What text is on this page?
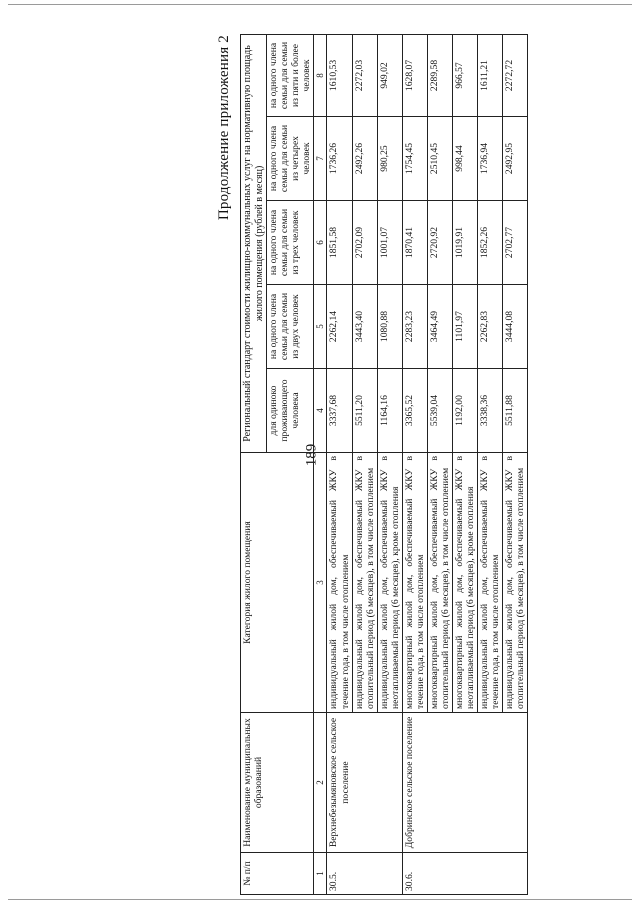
189
Продолжение приложения 2
№ п/п	Наименование муниципальных образований	Категория жилого помещения	Региональный стандарт стоимости жилищно-коммунальных услуг на нормативную площадь жилого помещения (рублей в месяц)				
			для одиноко проживающего человека	на одного члена семьи для семьи из двух человек	на одного члена семьи для семьи из трех человек	на одного члена семьи для семьи из четырех человек	на одного члена семьи для семьи из пяти и более человек
1	2	3	4	5	6	7	8
30.5.	Верхнебезымяновское сельское поселение	индивидуальный жилой дом, обеспечиваемый ЖКУ в течение года, в том числе отоплением	3337,68	2262,14	1851,58	1736,26	1610,53
		индивидуальный жилой дом, обеспечиваемый ЖКУ в отопительный период (6 месяцев), в том числе отоплением	5511,20	3443,40	2702,09	2492,26	2272,03
		индивидуальный жилой дом, обеспечиваемый ЖКУ в неотапливаемый период (6 месяцев), кроме отопления	1164,16	1080,88	1001,07	980,25	949,02
30.6.	Добринское сельское поселение	многоквартирный жилой дом, обеспечиваемый ЖКУ в течение года, в том числе отоплением	3365,52	2283,23	1870,41	1754,45	1628,07
		многоквартирный жилой дом, обеспечиваемый ЖКУ в отопительный период (6 месяцев), в том числе отоплением	5539,04	3464,49	2720,92	2510,45	2289,58
		многоквартирный жилой дом, обеспечиваемый ЖКУ в неотапливаемый период (6 месяцев), кроме отопления	1192,00	1101,97	1019,91	998,44	966,57
		индивидуальный жилой дом, обеспечиваемый ЖКУ в течение года, в том числе отоплением	3338,36	2262,83	1852,26	1736,94	1611,21
		индивидуальный жилой дом, обеспечиваемый ЖКУ в отопительный период (6 месяцев), в том числе отоплением	5511,88	3444,08	2702,77	2492,95	2272,72
